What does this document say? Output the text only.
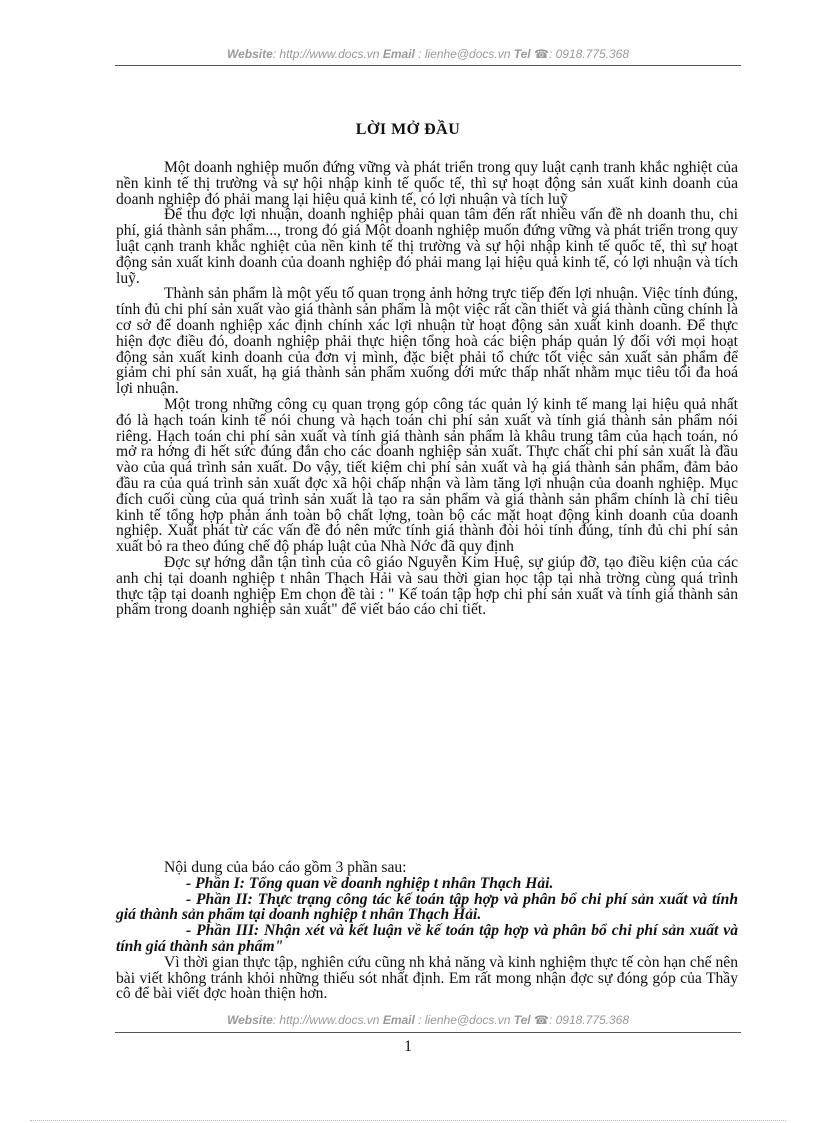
Website: http://www.docs.vn Email : lienhe@docs.vn Tel ☎: 0918.775.368
LỜI MỞ ĐẦU

Một doanh nghiệp muốn đứng vững và phát triển trong quy luật cạnh tranh khắc nghiệt của nền kinh tế thị trường và sự hội nhập kinh tế quốc tế, thì sự hoạt động sản xuất kinh doanh của doanh nghiệp đó phải mang lại hiệu quả kinh tế, có lợi nhuận và tích luỹ

Để thu đợc lợi nhuận, doanh nghiệp phải quan tâm đến rất nhiều vấn đề nh doanh thu, chi phí, giá thành sản phẩm..., trong đó giá Một doanh nghiệp muốn đứng vững và phát triển trong quy luật cạnh tranh khắc nghiệt của nền kinh tế thị trường và sự hội nhập kinh tế quốc tế, thì sự hoạt động sản xuất kinh doanh của doanh nghiệp đó phải mang lại hiệu quả kinh tế, có lợi nhuận và tích luỹ.

Thành sản phẩm là một yếu tố quan trọng ảnh hởng trực tiếp đến lợi nhuận. Việc tính đúng, tính đủ chi phí sản xuất vào giá thành sản phẩm là một việc rất cần thiết và giá thành cũng chính là cơ sở để doanh nghiệp xác định chính xác lợi nhuận từ hoạt động sản xuất kinh doanh. Để thực hiện đợc điều đó, doanh nghiệp phải thực hiện tổng hoà các biện pháp quản lý đối với mọi hoạt động sản xuất kinh doanh của đơn vị mình, đặc biệt phải tổ chức tốt việc sản xuất sản phẩm để giảm chi phí sản xuất, hạ giá thành sản phẩm xuống dới mức thấp nhất nhằm mục tiêu tối đa hoá lợi nhuận.

Một trong những công cụ quan trọng góp công tác quản lý kinh tế mang lại hiệu quả nhất đó là hạch toán kinh tế nói chung và hạch toán chi phí sản xuất và tính giá thành sản phẩm nói riêng. Hạch toán chi phí sản xuất và tính giá thành sản phẩm là khâu trung tâm của hạch toán, nó mở ra hớng đi hết sức đúng đắn cho các doanh nghiệp sản xuất. Thực chất chi phí sản xuất là đầu vào của quá trình sản xuất. Do vậy, tiết kiệm chi phí sản xuất và hạ giá thành sản phẩm, đảm bảo đầu ra của quá trình sản xuất đợc xã hội chấp nhận và làm tăng lợi nhuận của doanh nghiệp. Mục đích cuối cùng của quá trình sản xuất là tạo ra sản phẩm và giá thành sản phẩm chính là chỉ tiêu kinh tế tổng hợp phản ánh toàn bộ chất lợng, toàn bộ các mặt hoạt động kinh doanh của doanh nghiệp. Xuất phát từ các vấn đề đó nên mức tính giá thành đòi hỏi tính đúng, tính đủ chi phí sản xuất bỏ ra theo đúng chế độ pháp luật của Nhà Nớc đã quy định

Đợc sự hớng dẫn tận tình của cô giáo Nguyễn Kim Huệ, sự giúp đỡ, tạo điều kiện của các anh chị tại doanh nghiệp t nhân Thạch Hải và sau thời gian học tập tại nhà trờng cùng quá trình thực tập tại doanh nghiệp Em chọn đề tài : " Kế toán tập hợp chi phí sản xuất và tính giá thành sản phẩm trong doanh nghiệp sản xuất" để viết báo cáo chi tiết.

Nội dung của báo cáo gồm 3 phần sau:

- Phần I: Tổng quan về doanh nghiệp t nhân Thạch Hải.

- Phần II: Thực trạng công tác kế toán tập hợp và phân bổ chi phí sản xuất và tính giá thành sản phẩm tại doanh nghiệp t nhân Thạch Hải.

- Phần III: Nhận xét và kết luận về kế toán tập hợp và phân bổ chi phí sản xuất và tính giá thành sản phẩm"

Vì thời gian thực tập, nghiên cứu cũng nh khả năng và kinh nghiệm thực tế còn hạn chế nên bài viết không tránh khỏi những thiếu sót nhất định. Em rất mong nhận đợc sự đóng góp của Thầy cô để bài viết đợc hoàn thiện hơn.

Website: http://www.docs.vn Email : lienhe@docs.vn Tel ☎: 0918.775.368
1
